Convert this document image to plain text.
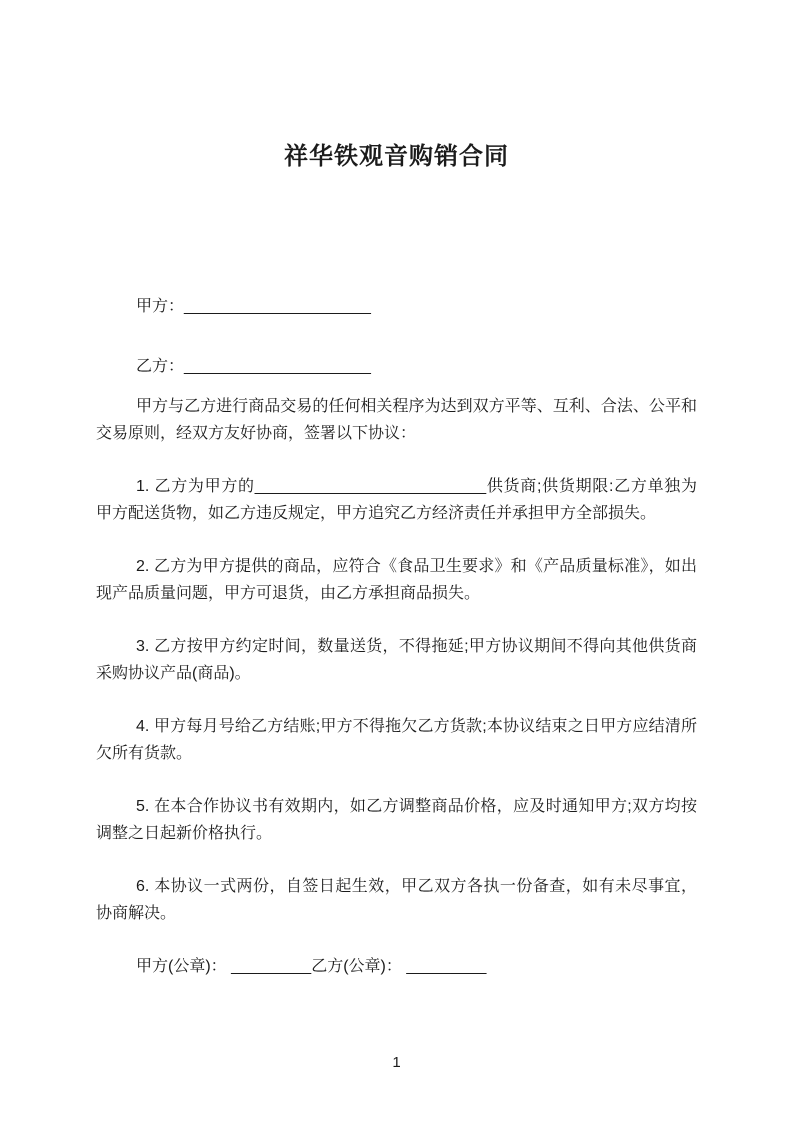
祥华铁观音购销合同

甲方：_____________________

乙方：_____________________

甲方与乙方进行商品交易的任何相关程序为达到双方平等、互利、合法、公平和交易原则，经双方友好协商，签署以下协议：

1. 乙方为甲方的__________________________供货商;供货期限:乙方单独为甲方配送货物，如乙方违反规定，甲方追究乙方经济责任并承担甲方全部损失。

2. 乙方为甲方提供的商品，应符合《食品卫生要求》和《产品质量标准》，如出现产品质量问题，甲方可退货，由乙方承担商品损失。

3. 乙方按甲方约定时间，数量送货，不得拖延;甲方协议期间不得向其他供货商采购协议产品(商品)。

4. 甲方每月号给乙方结账;甲方不得拖欠乙方货款;本协议结束之日甲方应结清所欠所有货款。

5. 在本合作协议书有效期内，如乙方调整商品价格，应及时通知甲方;双方均按调整之日起新价格执行。

6. 本协议一式两份，自签日起生效，甲乙双方各执一份备查，如有未尽事宜，协商解决。

甲方(公章)： _________乙方(公章)： _________

1
